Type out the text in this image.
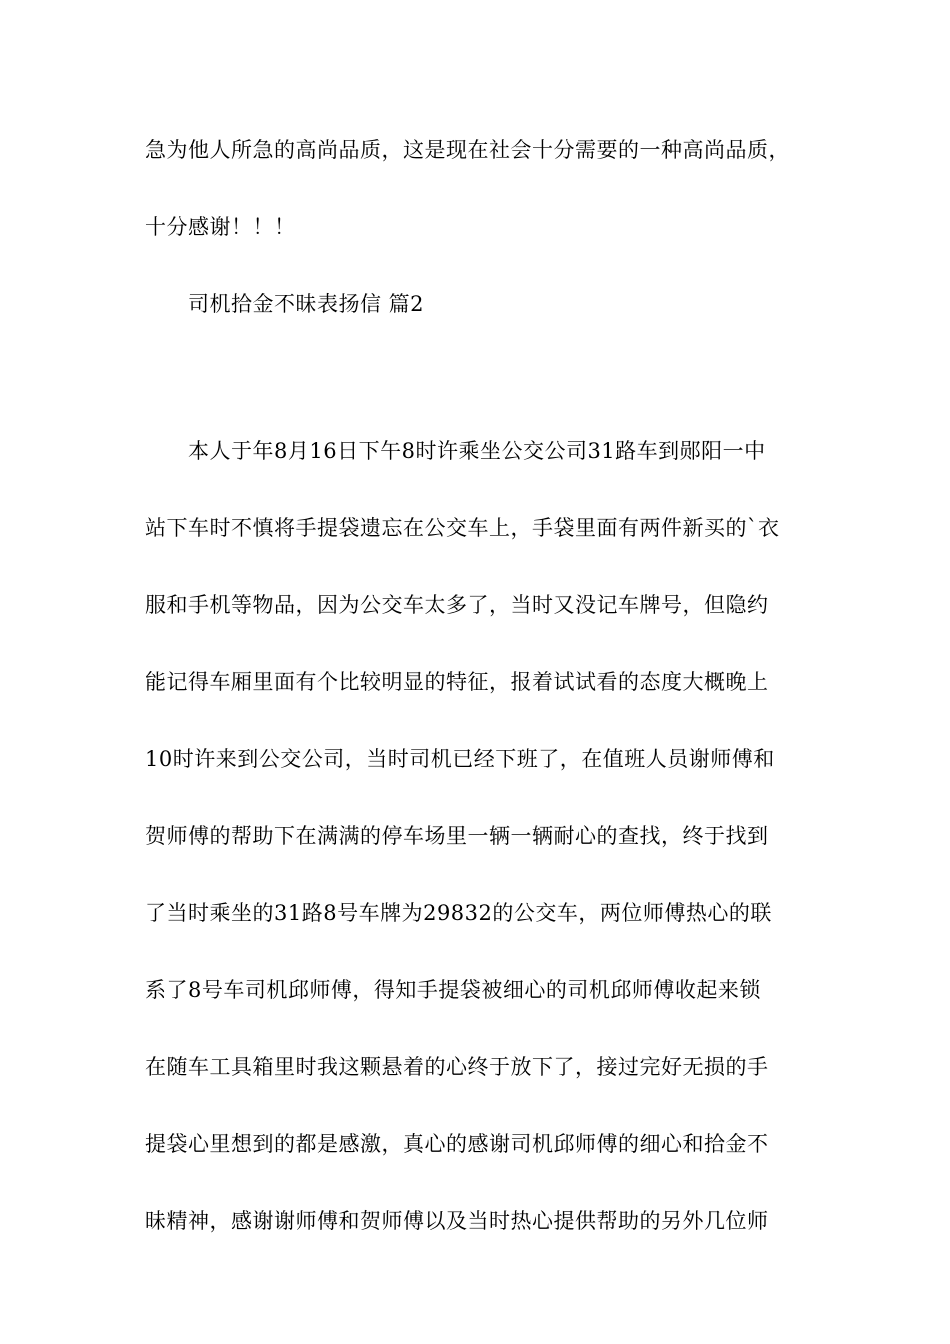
急为他人所急的高尚品质，这是现在社会十分需要的一种高尚品质，
十分感谢！！！
司机拾金不昧表扬信 篇2
本人于年8月16日下午8时许乘坐公交公司31路车到郧阳一中
站下车时不慎将手提袋遗忘在公交车上，手袋里面有两件新买的`衣
服和手机等物品，因为公交车太多了，当时又没记车牌号，但隐约
能记得车厢里面有个比较明显的特征，报着试试看的态度大概晚上
10时许来到公交公司，当时司机已经下班了，在值班人员谢师傅和
贺师傅的帮助下在满满的停车场里一辆一辆耐心的查找，终于找到
了当时乘坐的31路8号车牌为29832的公交车，两位师傅热心的联
系了8号车司机邱师傅，得知手提袋被细心的司机邱师傅收起来锁
在随车工具箱里时我这颗悬着的心终于放下了，接过完好无损的手
提袋心里想到的都是感激，真心的感谢司机邱师傅的细心和拾金不
昧精神，感谢谢师傅和贺师傅以及当时热心提供帮助的另外几位师
